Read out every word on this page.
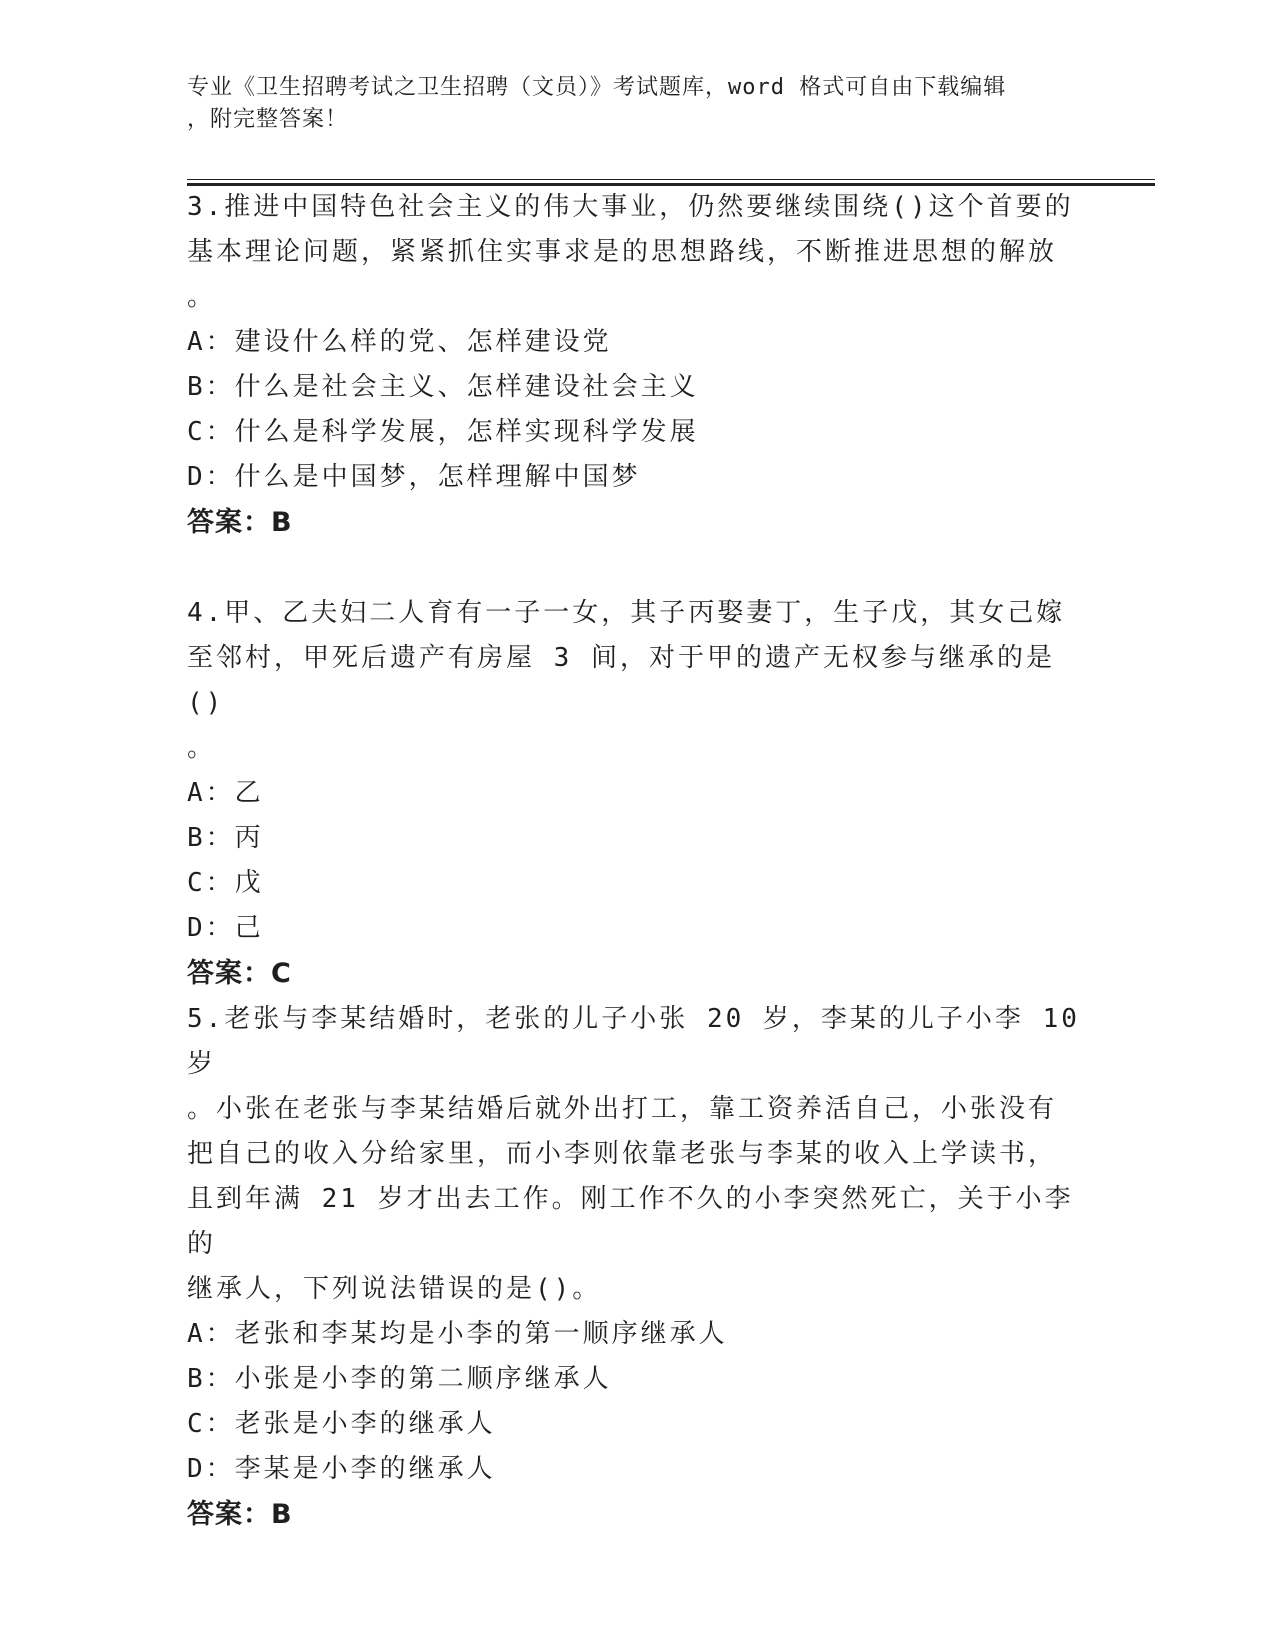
专业《卫生招聘考试之卫生招聘（文员）》考试题库，word 格式可自由下载编辑
，附完整答案！
3.推进中国特色社会主义的伟大事业，仍然要继续围绕()这个首要的
基本理论问题，紧紧抓住实事求是的思想路线，不断推进思想的解放
。
A：建设什么样的党、怎样建设党
B：什么是社会主义、怎样建设社会主义
C：什么是科学发展，怎样实现科学发展
D：什么是中国梦，怎样理解中国梦
答案：B
4.甲、乙夫妇二人育有一子一女，其子丙娶妻丁，生子戊，其女己嫁
至邻村，甲死后遗产有房屋 3 间，对于甲的遗产无权参与继承的是()
。
A：乙
B：丙
C：戊
D：己
答案：C
5.老张与李某结婚时，老张的儿子小张 20 岁，李某的儿子小李 10 岁
。小张在老张与李某结婚后就外出打工，靠工资养活自己，小张没有
把自己的收入分给家里，而小李则依靠老张与李某的收入上学读书，
且到年满 21 岁才出去工作。刚工作不久的小李突然死亡，关于小李的
继承人，下列说法错误的是()。
A：老张和李某均是小李的第一顺序继承人
B：小张是小李的第二顺序继承人
C：老张是小李的继承人
D：李某是小李的继承人
答案：B
